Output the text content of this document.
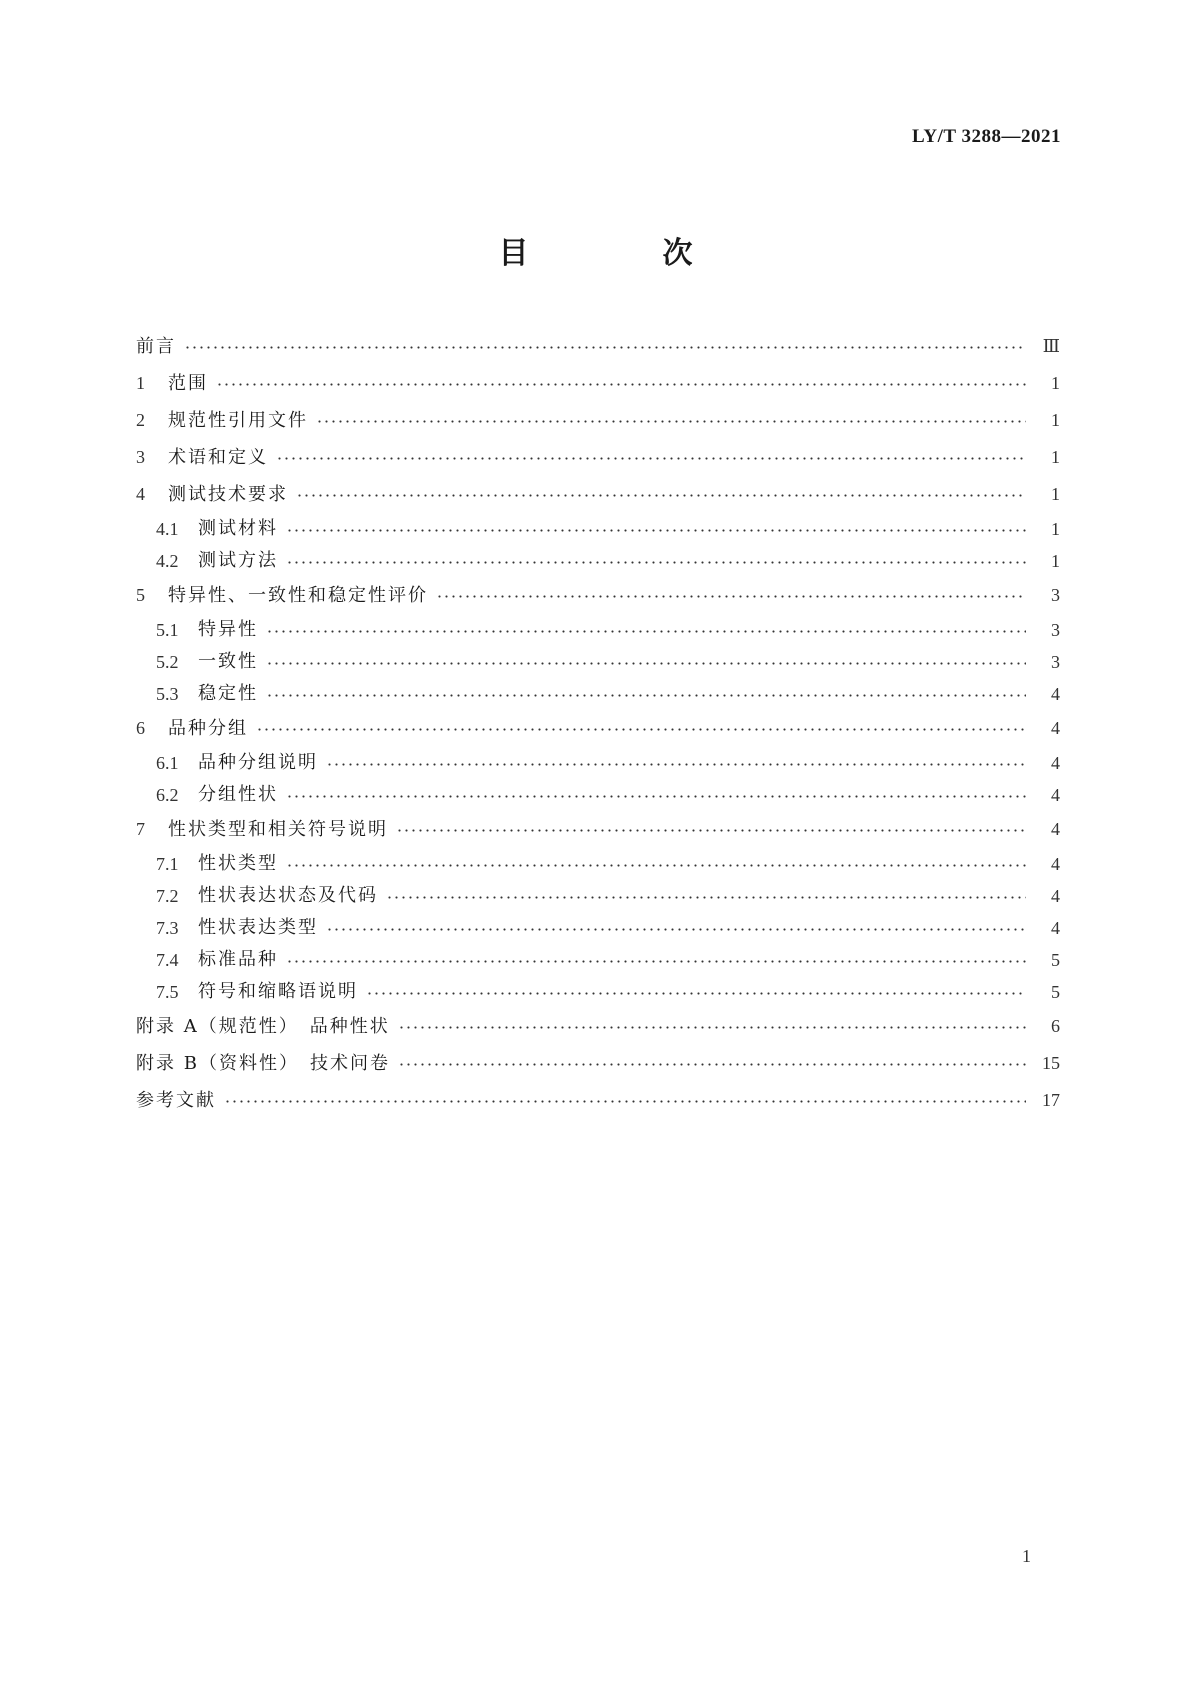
LY/T 3288—2021
目　次
前言	Ⅲ
1	范围	1
2	规范性引用文件	1
3	术语和定义	1
4	测试技术要求	1
4.1	测试材料	1
4.2	测试方法	1
5	特异性、一致性和稳定性评价	3
5.1	特异性	3
5.2	一致性	3
5.3	稳定性	4
6	品种分组	4
6.1	品种分组说明	4
6.2	分组性状	4
7	性状类型和相关符号说明	4
7.1	性状类型	4
7.2	性状表达状态及代码	4
7.3	性状表达类型	4
7.4	标准品种	5
7.5	符号和缩略语说明	5
附录 A（规范性）　品种性状	6
附录 B（资料性）　技术问卷	15
参考文献	17
1
